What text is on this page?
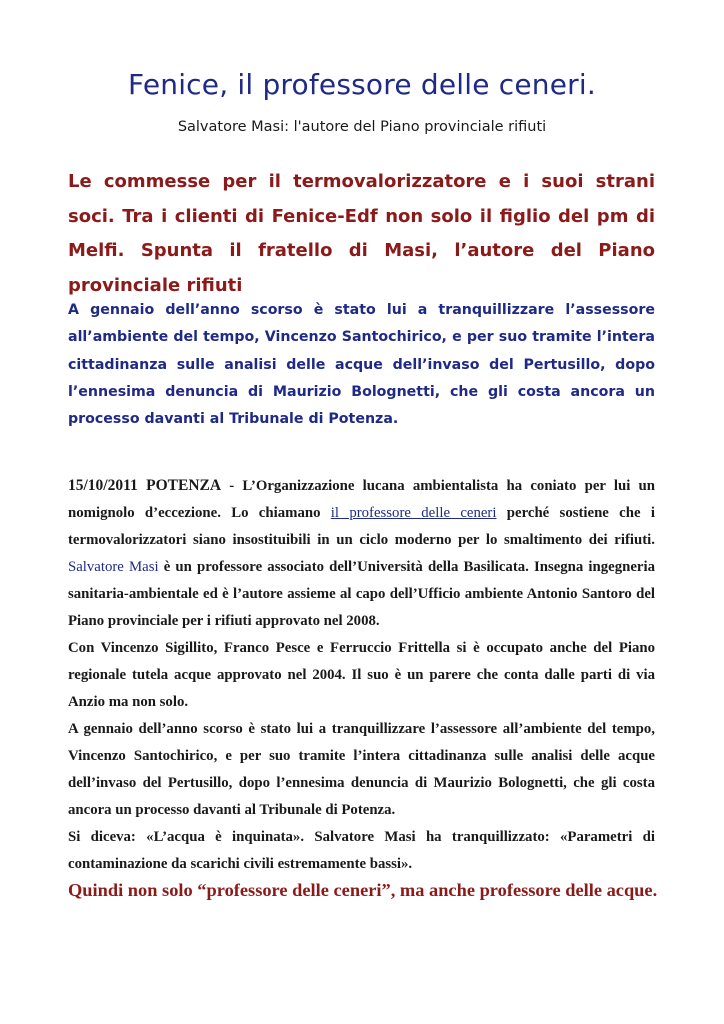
Fenice, il professore delle ceneri.
Salvatore Masi: l'autore del Piano provinciale rifiuti
Le commesse per il termovalorizzatore e i suoi strani soci. Tra i clienti di Fenice-Edf non solo il figlio del pm di Melfi. Spunta il fratello di Masi, l’autore del Piano provinciale rifiuti
A gennaio dell’anno scorso è stato lui a tranquillizzare l’assessore all’ambiente del tempo, Vincenzo Santochirico, e per suo tramite l’intera cittadinanza sulle analisi delle acque dell’invaso del Pertusillo, dopo l’ennesima denuncia di Maurizio Bolognetti, che gli costa ancora un processo davanti al Tribunale di Potenza.

15/10/2011 POTENZA - L’Organizzazione lucana ambientalista ha coniato per lui un nomignolo d’eccezione. Lo chiamano il professore delle ceneri perché sostiene che i termovalorizzatori siano insostituibili in un ciclo moderno per lo smaltimento dei rifiuti. Salvatore Masi è un professore associato dell’Università della Basilicata. Insegna ingegneria sanitaria-ambientale ed è l’autore assieme al capo dell’Ufficio ambiente Antonio Santoro del Piano provinciale per i rifiuti approvato nel 2008.

Con Vincenzo Sigillito, Franco Pesce e Ferruccio Frittella si è occupato anche del Piano regionale tutela acque approvato nel 2004. Il suo è un parere che conta dalle parti di via Anzio ma non solo.

A gennaio dell’anno scorso è stato lui a tranquillizzare l’assessore all’ambiente del tempo, Vincenzo Santochirico, e per suo tramite l’intera cittadinanza sulle analisi delle acque dell’invaso del Pertusillo, dopo l’ennesima denuncia di Maurizio Bolognetti, che gli costa ancora un processo davanti al Tribunale di Potenza.

Si diceva: «L’acqua è inquinata». Salvatore Masi ha tranquillizzato: «Parametri di contaminazione da scarichi civili estremamente bassi».

Quindi non solo “professore delle ceneri”, ma anche professore delle acque.
